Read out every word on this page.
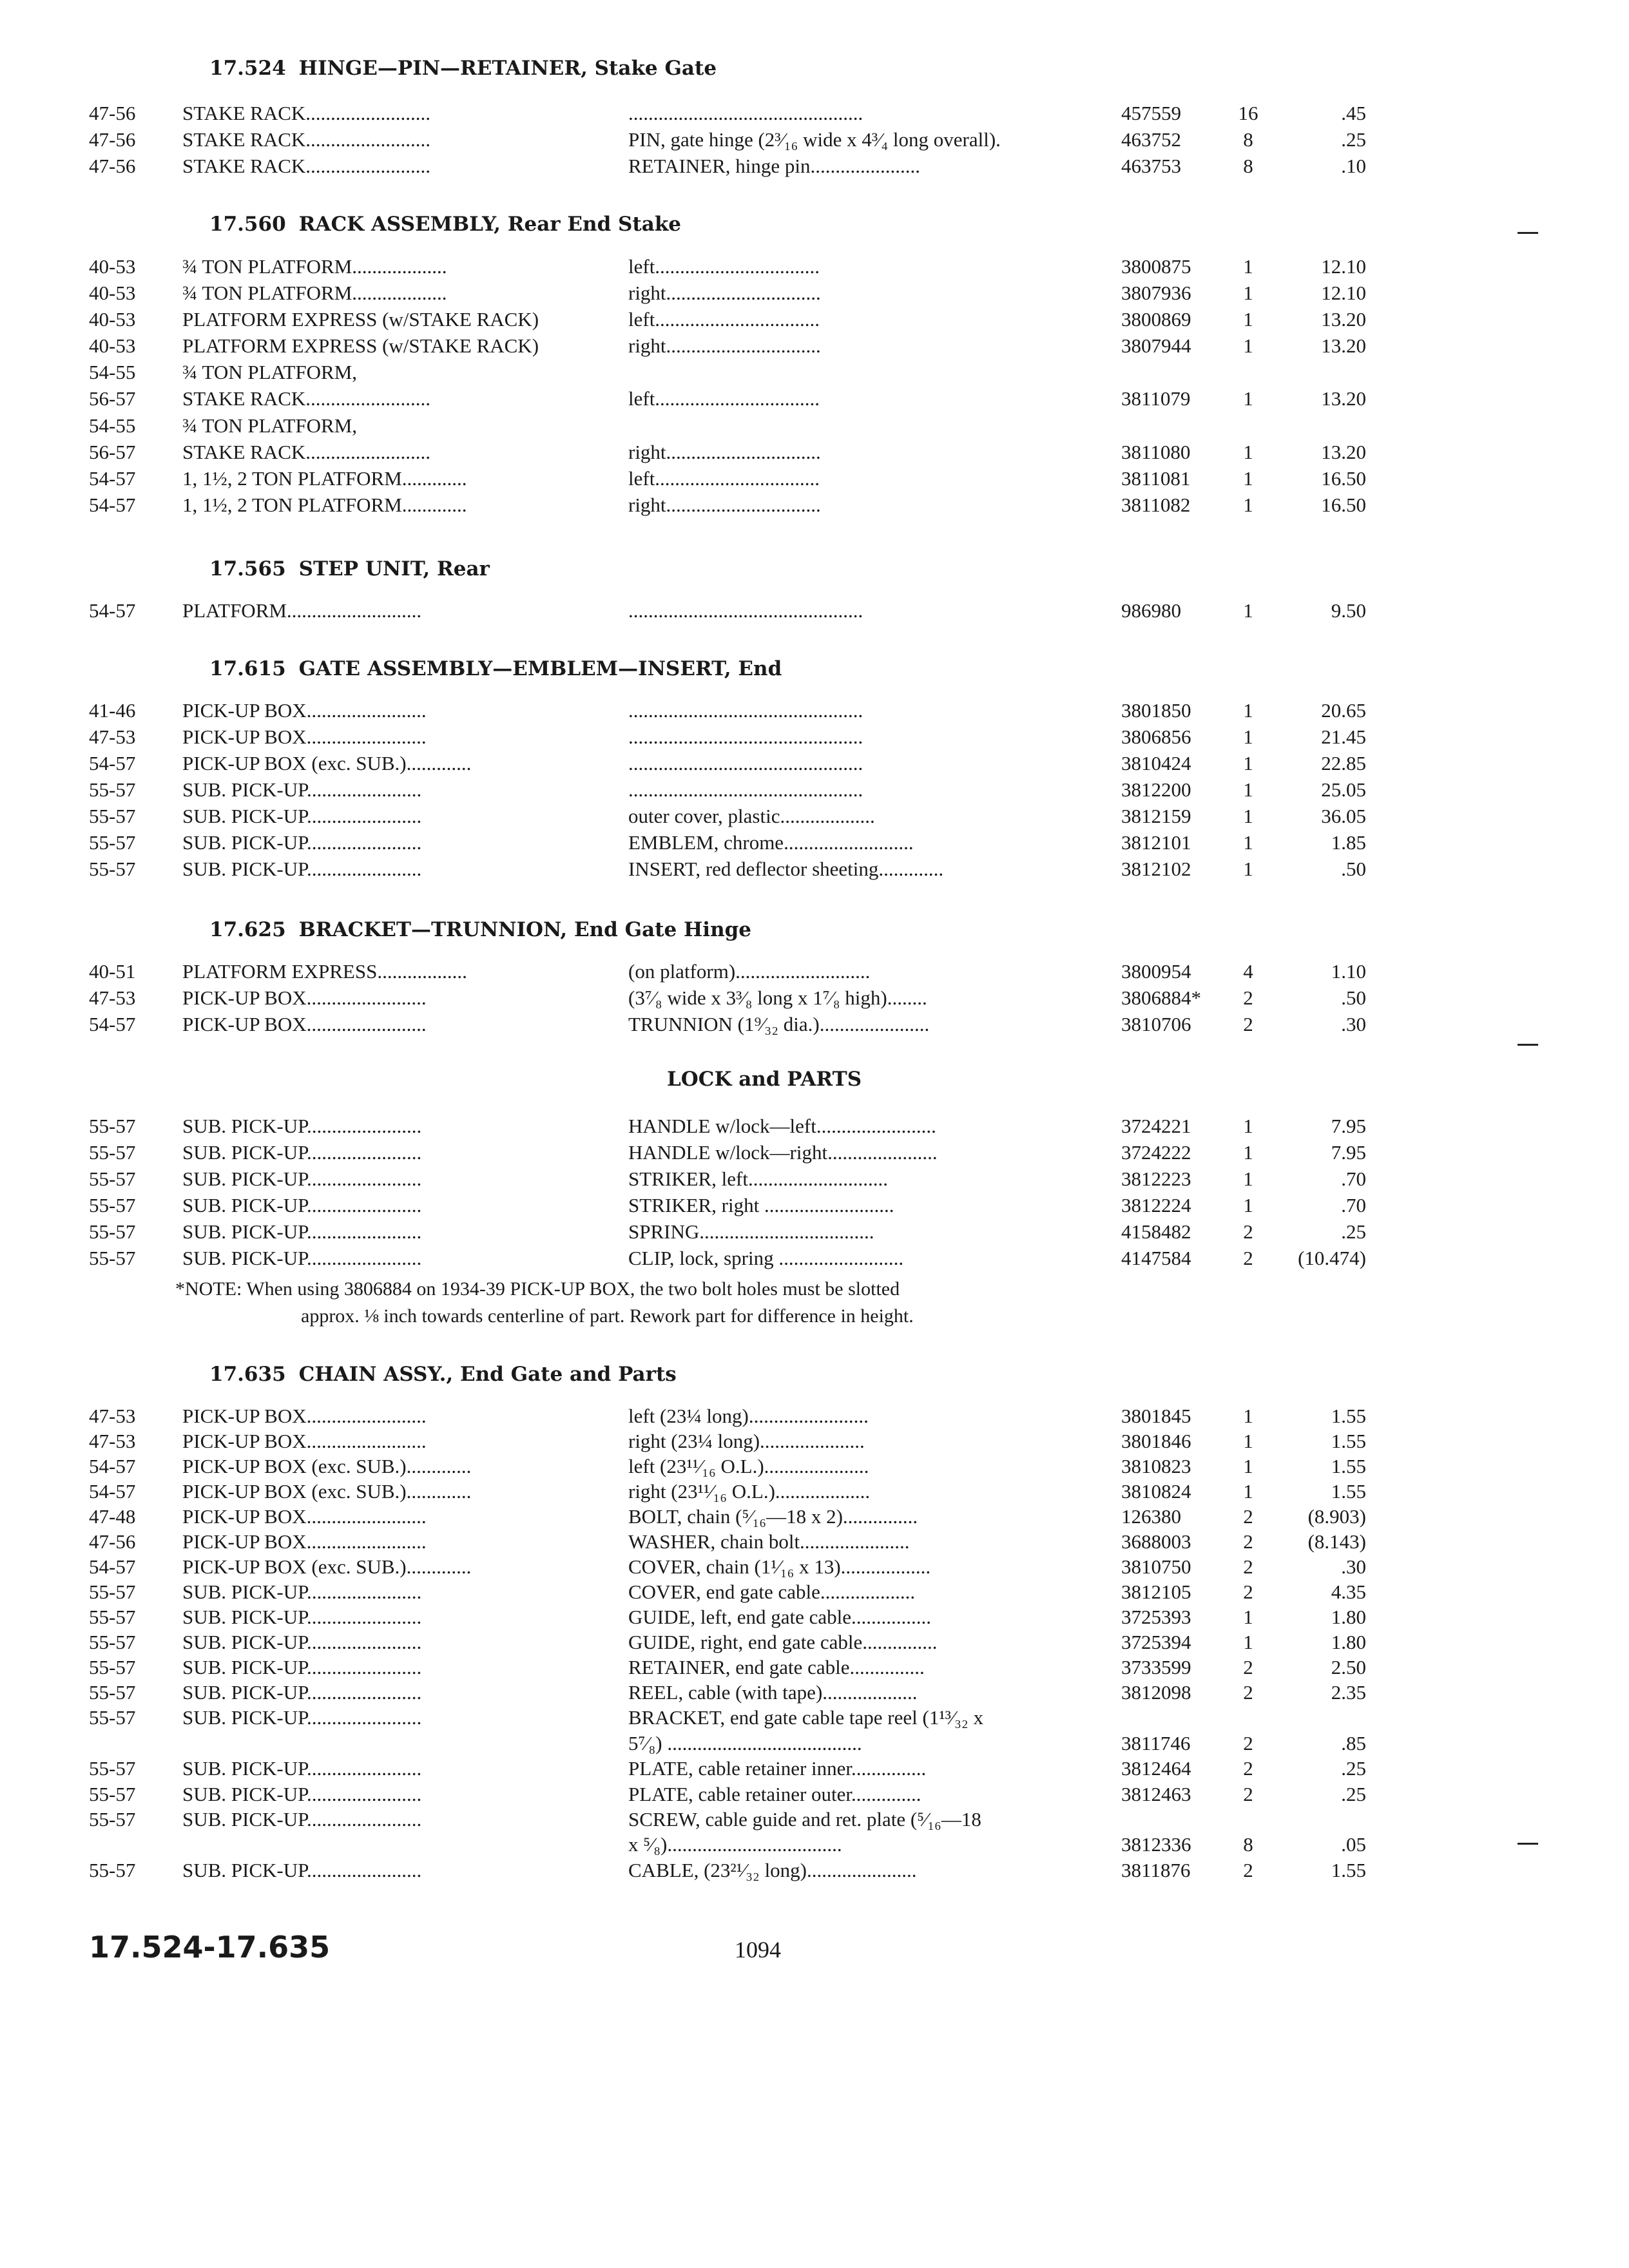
17.524 HINGE—PIN—RETAINER, Stake Gate
47-56	STAKE RACK.........................	...............................................	457559	16	.45
47-56	STAKE RACK.........................	PIN, gate hinge (2³⁄₁₆ wide x 4³⁄₄ long overall).	463752	8	.25
47-56	STAKE RACK.........................	RETAINER, hinge pin......................	463753	8	.10
17.560 RACK ASSEMBLY, Rear End Stake
40-53	¾ TON PLATFORM...................	left.................................	3800875	1	12.10
40-53	¾ TON PLATFORM...................	right...............................	3807936	1	12.10
40-53	PLATFORM EXPRESS (w/STAKE RACK)	left.................................	3800869	1	13.20
40-53	PLATFORM EXPRESS (w/STAKE RACK)	right...............................	3807944	1	13.20
54-55	¾ TON PLATFORM,
56-57	STAKE RACK.........................	left.................................	3811079	1	13.20
54-55	¾ TON PLATFORM,
56-57	STAKE RACK.........................	right...............................	3811080	1	13.20
54-57	1, 1½, 2 TON PLATFORM.............	left.................................	3811081	1	16.50
54-57	1, 1½, 2 TON PLATFORM.............	right...............................	3811082	1	16.50
17.565 STEP UNIT, Rear
54-57	PLATFORM...........................	...............................................	986980	1	9.50
17.615 GATE ASSEMBLY—EMBLEM—INSERT, End
41-46	PICK-UP BOX........................	...............................................	3801850	1	20.65
47-53	PICK-UP BOX........................	...............................................	3806856	1	21.45
54-57	PICK-UP BOX (exc. SUB.).............	...............................................	3810424	1	22.85
55-57	SUB. PICK-UP.......................	...............................................	3812200	1	25.05
55-57	SUB. PICK-UP.......................	outer cover, plastic...................	3812159	1	36.05
55-57	SUB. PICK-UP.......................	EMBLEM, chrome..........................	3812101	1	1.85
55-57	SUB. PICK-UP.......................	INSERT, red deflector sheeting.............	3812102	1	.50
17.625 BRACKET—TRUNNION, End Gate Hinge
40-51	PLATFORM EXPRESS..................	(on platform)...........................	3800954	4	1.10
47-53	PICK-UP BOX........................	(3⁷⁄₈ wide x 3³⁄₈ long x 1⁷⁄₈ high)........	3806884*	2	.50
54-57	PICK-UP BOX........................	TRUNNION (1⁹⁄₃₂ dia.)......................	3810706	2	.30
LOCK and PARTS
55-57	SUB. PICK-UP.......................	HANDLE w/lock—left........................	3724221	1	7.95
55-57	SUB. PICK-UP.......................	HANDLE w/lock—right......................	3724222	1	7.95
55-57	SUB. PICK-UP.......................	STRIKER, left............................	3812223	1	.70
55-57	SUB. PICK-UP.......................	STRIKER, right ..........................	3812224	1	.70
55-57	SUB. PICK-UP.......................	SPRING...................................	4158482	2	.25
55-57	SUB. PICK-UP.......................	CLIP, lock, spring .........................	4147584	2	(10.474)
17.635 CHAIN ASSY., End Gate and Parts
47-53	PICK-UP BOX........................	left (23¼ long)........................	3801845	1	1.55
47-53	PICK-UP BOX........................	right (23¼ long).....................	3801846	1	1.55
54-57	PICK-UP BOX (exc. SUB.).............	left (23¹¹⁄₁₆ O.L.).....................	3810823	1	1.55
54-57	PICK-UP BOX (exc. SUB.).............	right (23¹¹⁄₁₆ O.L.)...................	3810824	1	1.55
47-48	PICK-UP BOX........................	BOLT, chain (⁵⁄₁₆—18 x 2)...............	126380	2	(8.903)
47-56	PICK-UP BOX........................	WASHER, chain bolt......................	3688003	2	(8.143)
54-57	PICK-UP BOX (exc. SUB.).............	COVER, chain (1¹⁄₁₆ x 13)..................	3810750	2	.30
55-57	SUB. PICK-UP.......................	COVER, end gate cable...................	3812105	2	4.35
55-57	SUB. PICK-UP.......................	GUIDE, left, end gate cable................	3725393	1	1.80
55-57	SUB. PICK-UP.......................	GUIDE, right, end gate cable...............	3725394	1	1.80
55-57	SUB. PICK-UP.......................	RETAINER, end gate cable...............	3733599	2	2.50
55-57	SUB. PICK-UP.......................	REEL, cable (with tape)...................	3812098	2	2.35
55-57	SUB. PICK-UP.......................	BRACKET, end gate cable tape reel (1¹³⁄₃₂ x
5⁷⁄₈) .......................................	3811746	2	.85
55-57	SUB. PICK-UP.......................	PLATE, cable retainer inner...............	3812464	2	.25
55-57	SUB. PICK-UP.......................	PLATE, cable retainer outer..............	3812463	2	.25
55-57	SUB. PICK-UP.......................	SCREW, cable guide and ret. plate (⁵⁄₁₆—18
x ⁵⁄₈)...................................	3812336	8	.05
55-57	SUB. PICK-UP.......................	CABLE, (23²¹⁄₃₂ long)......................	3811876	2	1.55
*NOTE: When using 3806884 on 1934-39 PICK-UP BOX, the two bolt holes must be slotted
approx. ⅛ inch towards centerline of part. Rework part for difference in height.
17.524-17.635	1094
